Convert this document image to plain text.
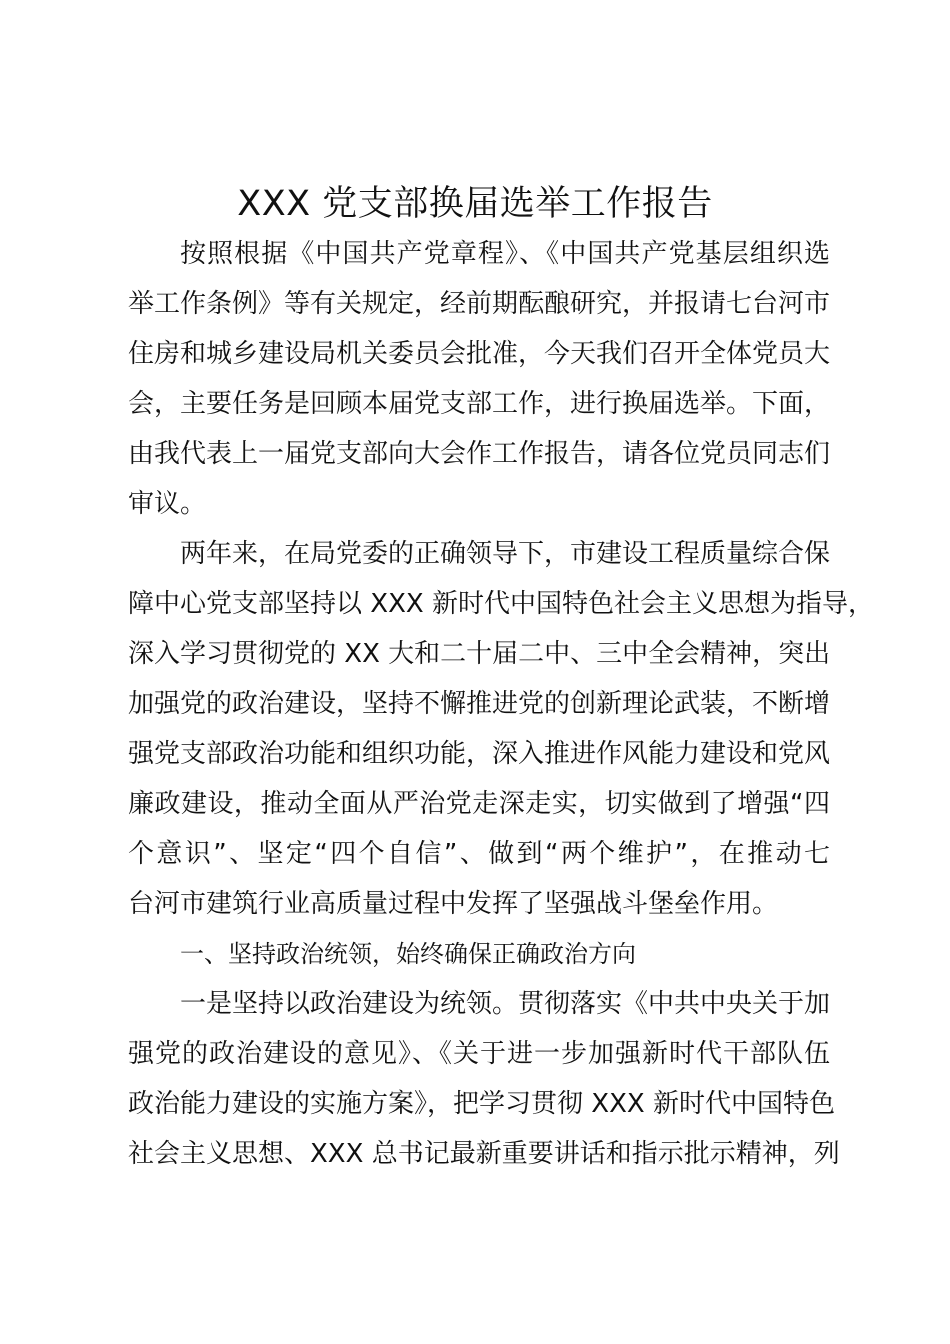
XXX 党支部换届选举工作报告
按照根据《中国共产党章程》、《中国共产党基层组织选
举工作条例》等有关规定，经前期酝酿研究，并报请七台河市
住房和城乡建设局机关委员会批准，今天我们召开全体党员大
会，主要任务是回顾本届党支部工作，进行换届选举。下面，
由我代表上一届党支部向大会作工作报告，请各位党员同志们
审议。
两年来，在局党委的正确领导下，市建设工程质量综合保
障中心党支部坚持以 XXX 新时代中国特色社会主义思想为指导，
深入学习贯彻党的 XX 大和二十届二中、三中全会精神，突出
加强党的政治建设，坚持不懈推进党的创新理论武装，不断增
强党支部政治功能和组织功能，深入推进作风能力建设和党风
廉政建设，推动全面从严治党走深走实，切实做到了增强“四
个意识”、坚定“四个自信”、做到“两个维护”，在推动七
台河市建筑行业高质量过程中发挥了坚强战斗堡垒作用。
一、坚持政治统领，始终确保正确政治方向
一是坚持以政治建设为统领。贯彻落实《中共中央关于加
强党的政治建设的意见》、《关于进一步加强新时代干部队伍
政治能力建设的实施方案》，把学习贯彻 XXX 新时代中国特色
社会主义思想、XXX 总书记最新重要讲话和指示批示精神，列
